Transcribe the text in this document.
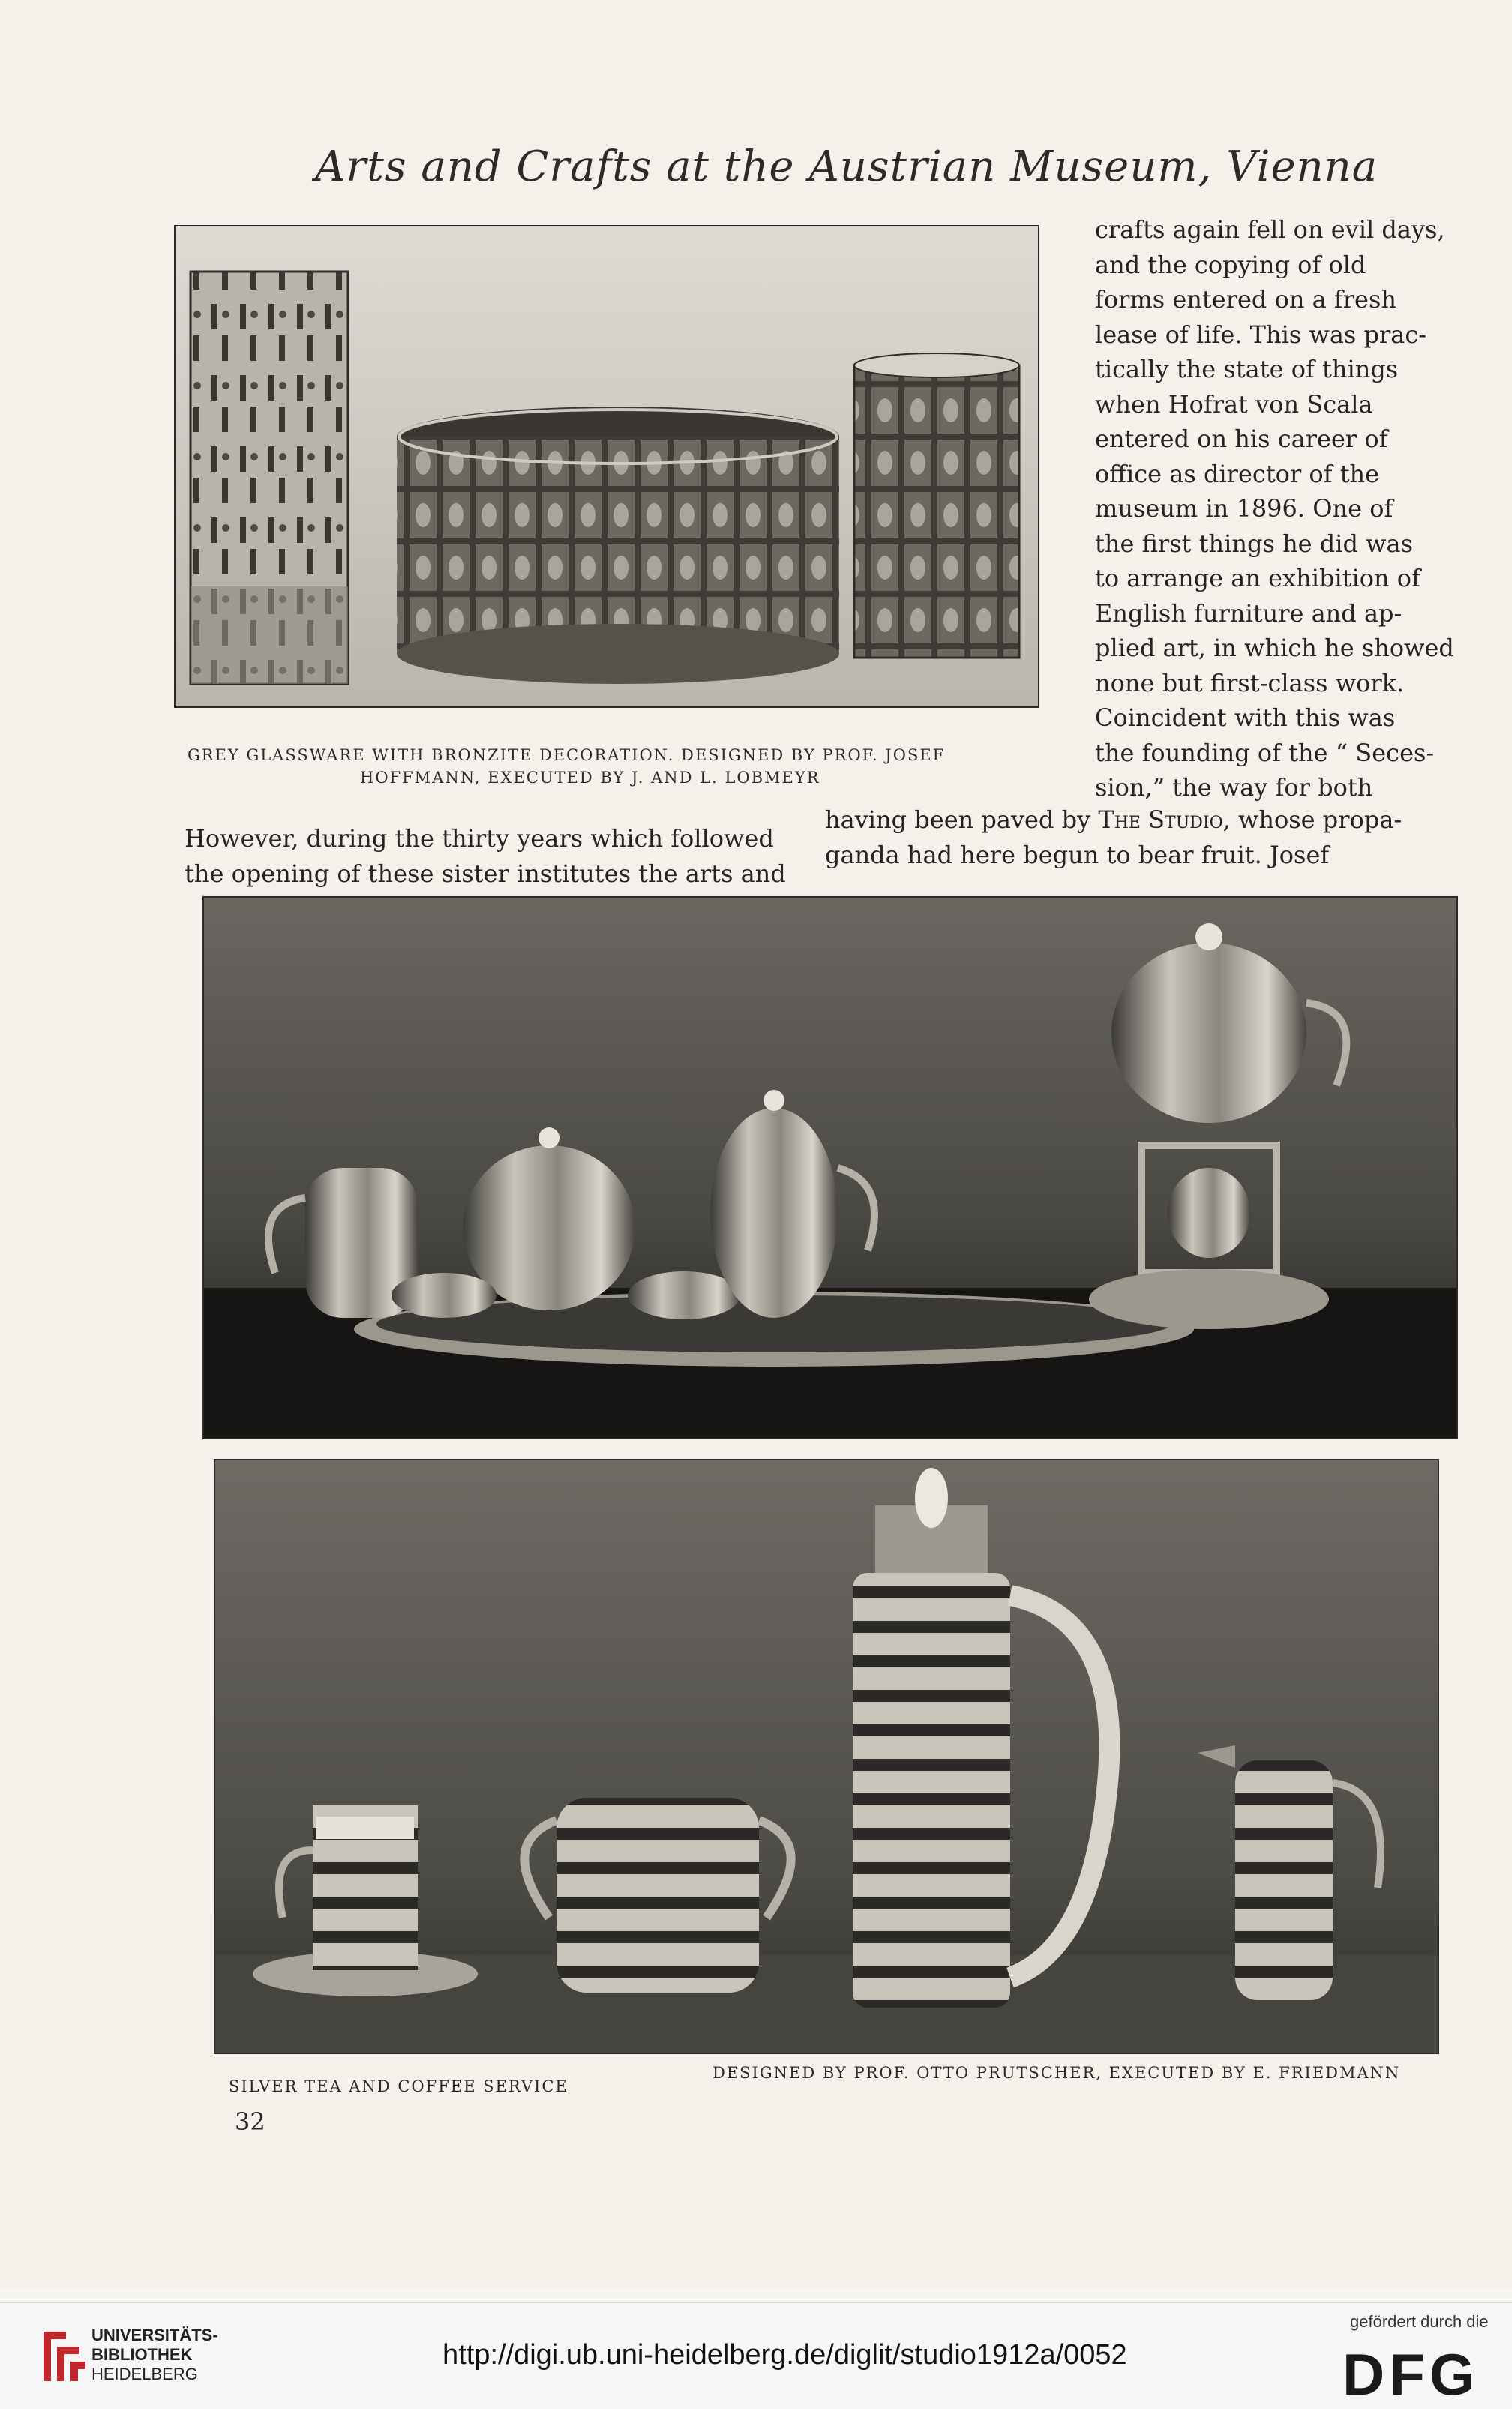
Arts and Crafts at the Austrian Museum, Vienna
GREY GLASSWARE WITH BRONZITE DECORATION. DESIGNED BY PROF. JOSEF
HOFFMANN, EXECUTED BY J. AND L. LOBMEYR

crafts again fell on evil days,

and the copying of old

forms entered on a fresh

lease of life. This was prac-

tically the state of things

when Hofrat von Scala

entered on his career of

office as director of the

museum in 1896. One of

the first things he did was

to arrange an exhibition of

English furniture and ap-

plied art, in which he showed

none but first-class work.

Coincident with this was

the founding of the “ Seces-

sion,” the way for both

However, during the thirty years which followed

the opening of these sister institutes the arts and

having been paved by The Studio, whose propa-

ganda had here begun to bear fruit. Josef

SILVER TEA AND COFFEE SERVICE
DESIGNED BY PROF. OTTO PRUTSCHER, EXECUTED BY E. FRIEDMANN
32
UNIVERSITÄTS-
BIBLIOTHEK
HEIDELBERG
http://digi.ub.uni-heidelberg.de/diglit/studio1912a/0052
gefördert durch die
DFG
